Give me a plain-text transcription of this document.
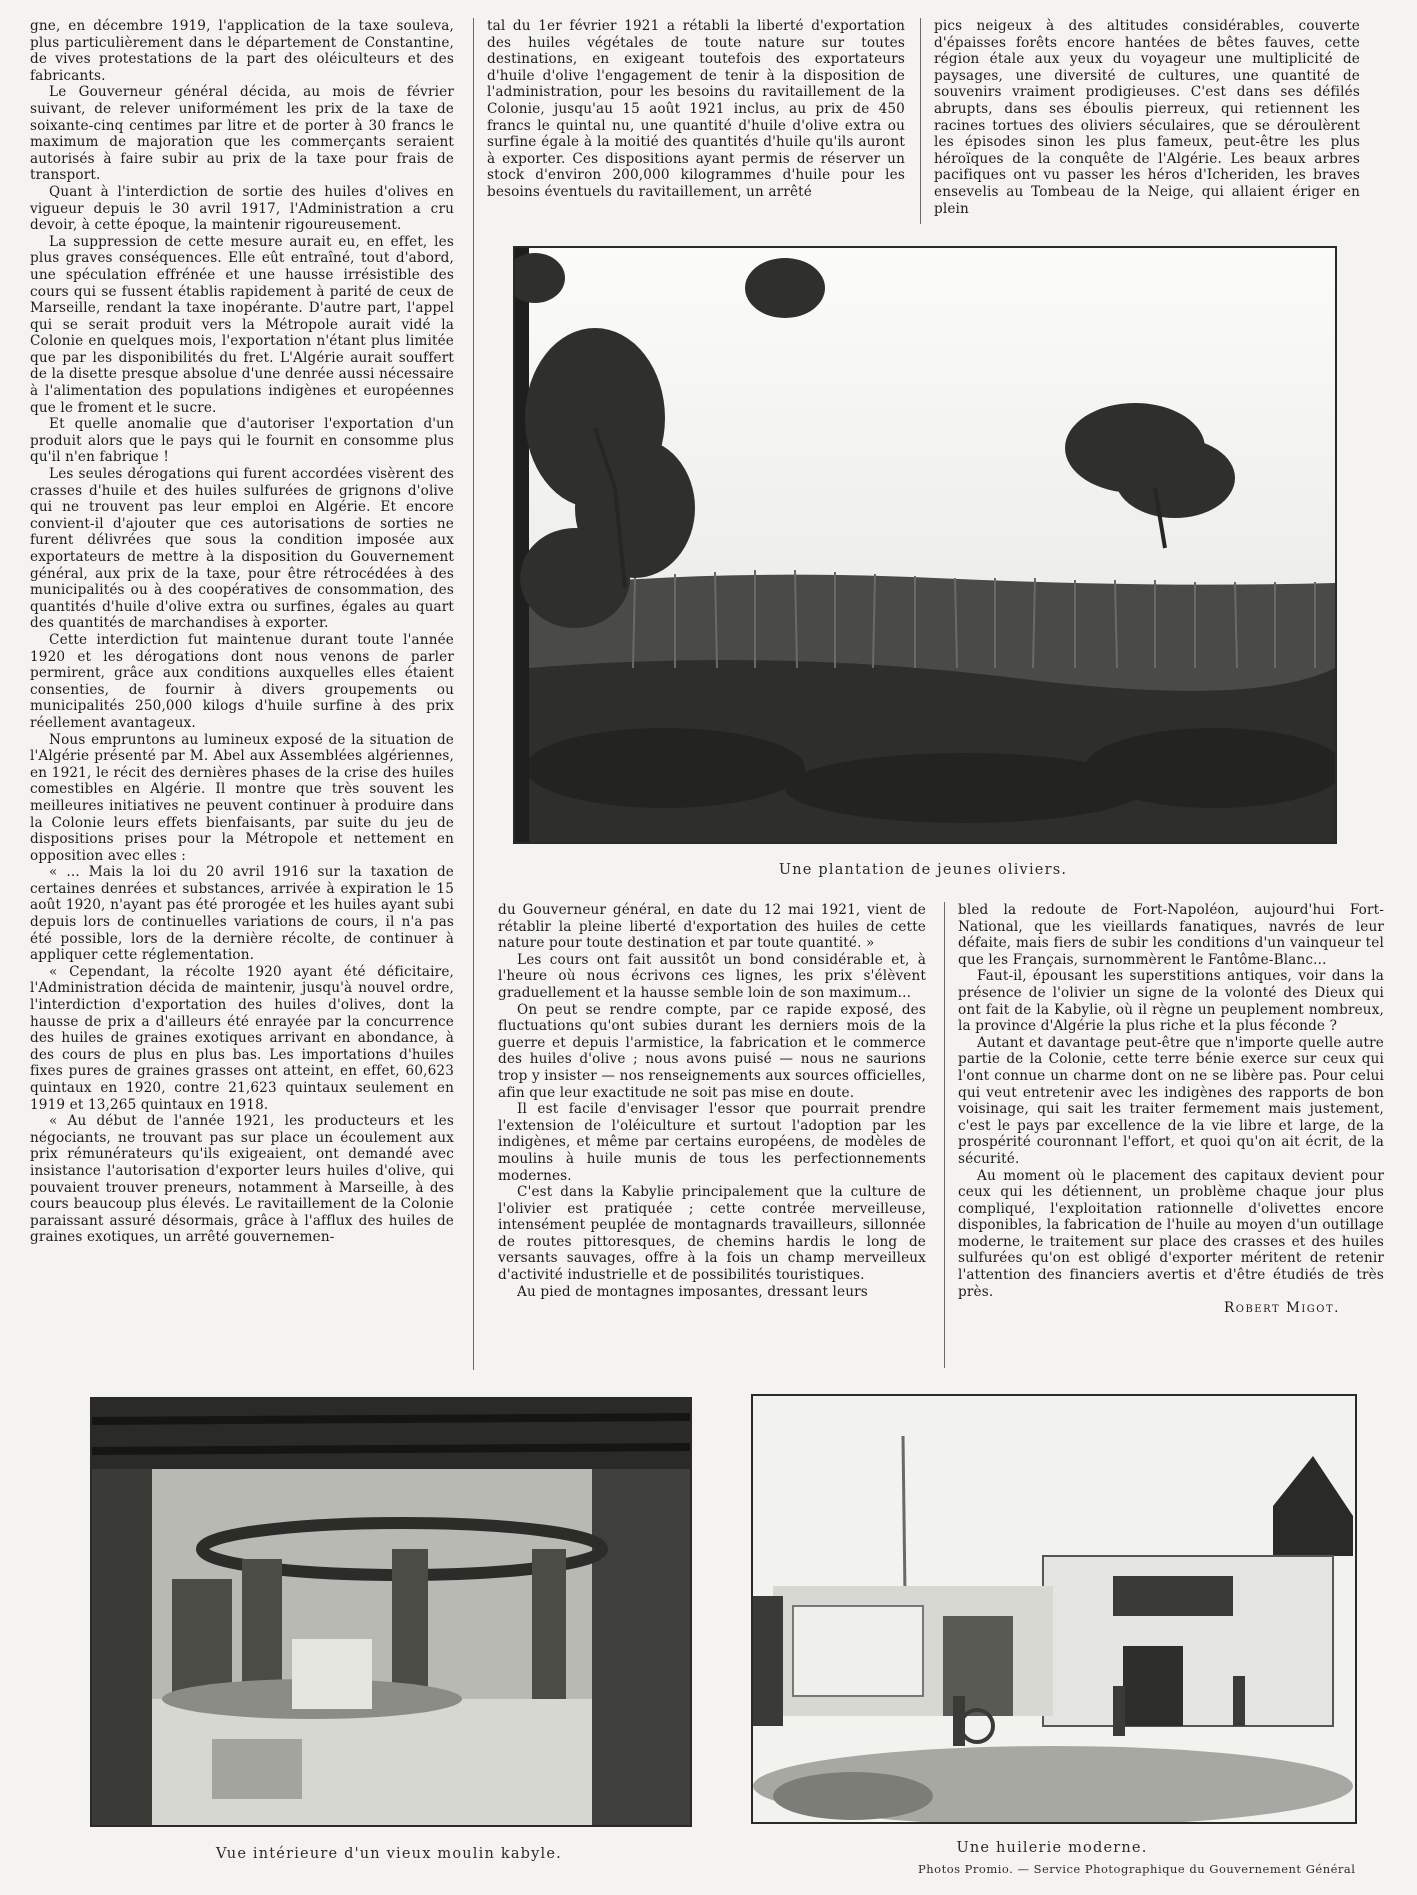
gne, en décembre 1919, l'application de la taxe soulevа, plus particulièrement dans le département de Constantine, de vives protestations de la part des oléiculteurs et des fabricants.

Le Gouverneur général décida, au mois de février suivant, de relever uniformément les prix de la taxe de soixante-cinq centimes par litre et de porter à 30 francs le maximum de majoration que les commerçants seraient autorisés à faire subir au prix de la taxe pour frais de transport.

Quant à l'interdiction de sortie des huiles d'olives en vigueur depuis le 30 avril 1917, l'Administration a cru devoir, à cette époque, la maintenir rigoureusement.

La suppression de cette mesure aurait eu, en effet, les plus graves conséquences. Elle eût entraîné, tout d'abord, une spéculation effrénée et une hausse irrésistible des cours qui se fussent établis rapidement à parité de ceux de Marseille, rendant la taxe inopérante. D'autre part, l'appel qui se serait produit vers la Métropole aurait vidé la Colonie en quelques mois, l'exportation n'étant plus limitée que par les disponibilités du fret. L'Algérie aurait souffert de la disette presque absolue d'une denrée aussi nécessaire à l'alimentation des populations indigènes et européennes que le froment et le sucre.

Et quelle anomalie que d'autoriser l'exportation d'un produit alors que le pays qui le fournit en consomme plus qu'il n'en fabrique !

Les seules dérogations qui furent accordées visèrent des crasses d'huile et des huiles sulfurées de grignons d'olive qui ne trouvent pas leur emploi en Algérie. Et encore convient-il d'ajouter que ces autorisations de sorties ne furent délivrées que sous la condition imposée aux exportateurs de mettre à la disposition du Gouvernement général, aux prix de la taxe, pour être rétrocédées à des municipalités ou à des coopératives de consommation, des quantités d'huile d'olive extra ou surfines, égales au quart des quantités de marchandises à exporter.

Cette interdiction fut maintenue durant toute l'année 1920 et les dérogations dont nous venons de parler permirent, grâce aux conditions auxquelles elles étaient consenties, de fournir à divers groupements ou municipalités 250,000 kilogs d'huile surfine à des prix réellement avantageux.

Nous empruntons au lumineux exposé de la situation de l'Algérie présenté par M. Abel aux Assemblées algériennes, en 1921, le récit des dernières phases de la crise des huiles comestibles en Algérie. Il montre que très souvent les meilleures initiatives ne peuvent continuer à produire dans la Colonie leurs effets bienfaisants, par suite du jeu de dispositions prises pour la Métropole et nettement en opposition avec elles :

« ... Mais la loi du 20 avril 1916 sur la taxation de certaines denrées et substances, arrivée à expiration le 15 août 1920, n'ayant pas été prorogée et les huiles ayant subi depuis lors de continuelles variations de cours, il n'a pas été possible, lors de la dernière récolte, de continuer à appliquer cette réglementation.

« Cependant, la récolte 1920 ayant été déficitaire, l'Administration décida de maintenir, jusqu'à nouvel ordre, l'interdiction d'exportation des huiles d'olives, dont la hausse de prix a d'ailleurs été enrayée par la concurrence des huiles de graines exotiques arrivant en abondance, à des cours de plus en plus bas. Les importations d'huiles fixes pures de graines grasses ont atteint, en effet, 60,623 quintaux en 1920, contre 21,623 quintaux seulement en 1919 et 13,265 quintaux en 1918.

« Au début de l'année 1921, les producteurs et les négociants, ne trouvant pas sur place un écoulement aux prix rémunérateurs qu'ils exigeaient, ont demandé avec insistance l'autorisation d'exporter leurs huiles d'olive, qui pouvaient trouver preneurs, notamment à Marseille, à des cours beaucoup plus élevés. Le ravitaillement de la Colonie paraissant assuré désormais, grâce à l'afflux des huiles de graines exotiques, un arrêté gouvernemen-

tal du 1er février 1921 a rétabli la liberté d'exportation des huiles végétales de toute nature sur toutes destinations, en exigeant toutefois des exportateurs d'huile d'olive l'engagement de tenir à la disposition de l'administration, pour les besoins du ravitaillement de la Colonie, jusqu'au 15 août 1921 inclus, au prix de 450 francs le quintal nu, une quantité d'huile d'olive extra ou surfine égale à la moitié des quantités d'huile qu'ils auront à exporter. Ces dispositions ayant permis de réserver un stock d'environ 200,000 kilogrammes d'huile pour les besoins éventuels du ravitaillement, un arrêté

pics neigeux à des altitudes considérables, couverte d'épaisses forêts encore hantées de bêtes fauves, cette région étale aux yeux du voyageur une multiplicité de paysages, une diversité de cultures, une quantité de souvenirs vraiment prodigieuses. C'est dans ses défilés abrupts, dans ses éboulis pierreux, qui retiennent les racines tortues des oliviers séculaires, que se déroulèrent les épisodes sinon les plus fameux, peut-être les plus héroïques de la conquête de l'Algérie. Les beaux arbres pacifiques ont vu passer les héros d'Icheriden, les braves ensevelis au Tombeau de la Neige, qui allaient ériger en plein

Une plantation de jeunes oliviers.

du Gouverneur général, en date du 12 mai 1921, vient de rétablir la pleine liberté d'exportation des huiles de cette nature pour toute destination et par toute quantité. »

Les cours ont fait aussitôt un bond considérable et, à l'heure où nous écrivons ces lignes, les prix s'élèvent graduellement et la hausse semble loin de son maximum...

On peut se rendre compte, par ce rapide exposé, des fluctuations qu'ont subies durant les derniers mois de la guerre et depuis l'armistice, la fabrication et le commerce des huiles d'olive ; nous avons puisé — nous ne saurions trop y insister — nos renseignements aux sources officielles, afin que leur exactitude ne soit pas mise en doute.

Il est facile d'envisager l'essor que pourrait prendre l'extension de l'oléiculture et surtout l'adoption par les indigènes, et même par certains européens, de modèles de moulins à huile munis de tous les perfectionnements modernes.

C'est dans la Kabylie principalement que la culture de l'olivier est pratiquée ; cette contrée merveilleuse, intensément peuplée de montagnards travailleurs, sillonnée de routes pittoresques, de chemins hardis le long de versants sauvages, offre à la fois un champ merveilleux d'activité industrielle et de possibilités touristiques.

Au pied de montagnes imposantes, dressant leurs

bled la redoute de Fort-Napoléon, aujourd'hui Fort-National, que les vieillards fanatiques, navrés de leur défaite, mais fiers de subir les conditions d'un vainqueur tel que les Français, surnommèrent le Fantôme-Blanc...

Faut-il, épousant les superstitions antiques, voir dans la présence de l'olivier un signe de la volonté des Dieux qui ont fait de la Kabylie, où il règne un peuplement nombreux, la province d'Algérie la plus riche et la plus féconde ?

Autant et davantage peut-être que n'importe quelle autre partie de la Colonie, cette terre bénie exerce sur ceux qui l'ont connue un charme dont on ne se libère pas. Pour celui qui veut entretenir avec les indigènes des rapports de bon voisinage, qui sait les traiter fermement mais justement, c'est le pays par excellence de la vie libre et large, de la prospérité couronnant l'effort, et quoi qu'on ait écrit, de la sécurité.

Au moment où le placement des capitaux devient pour ceux qui les détiennent, un problème chaque jour plus compliqué, l'exploitation rationnelle d'olivettes encore disponibles, la fabrication de l'huile au moyen d'un outillage moderne, le traitement sur place des crasses et des huiles sulfurées qu'on est obligé d'exporter méritent de retenir l'attention des financiers avertis et d'être étudiés de très près.

Robert Migot.

Vue intérieure d'un vieux moulin kabyle.	Une huilerie moderne.
Photos Promio. — Service Photographique du Gouvernement Général
